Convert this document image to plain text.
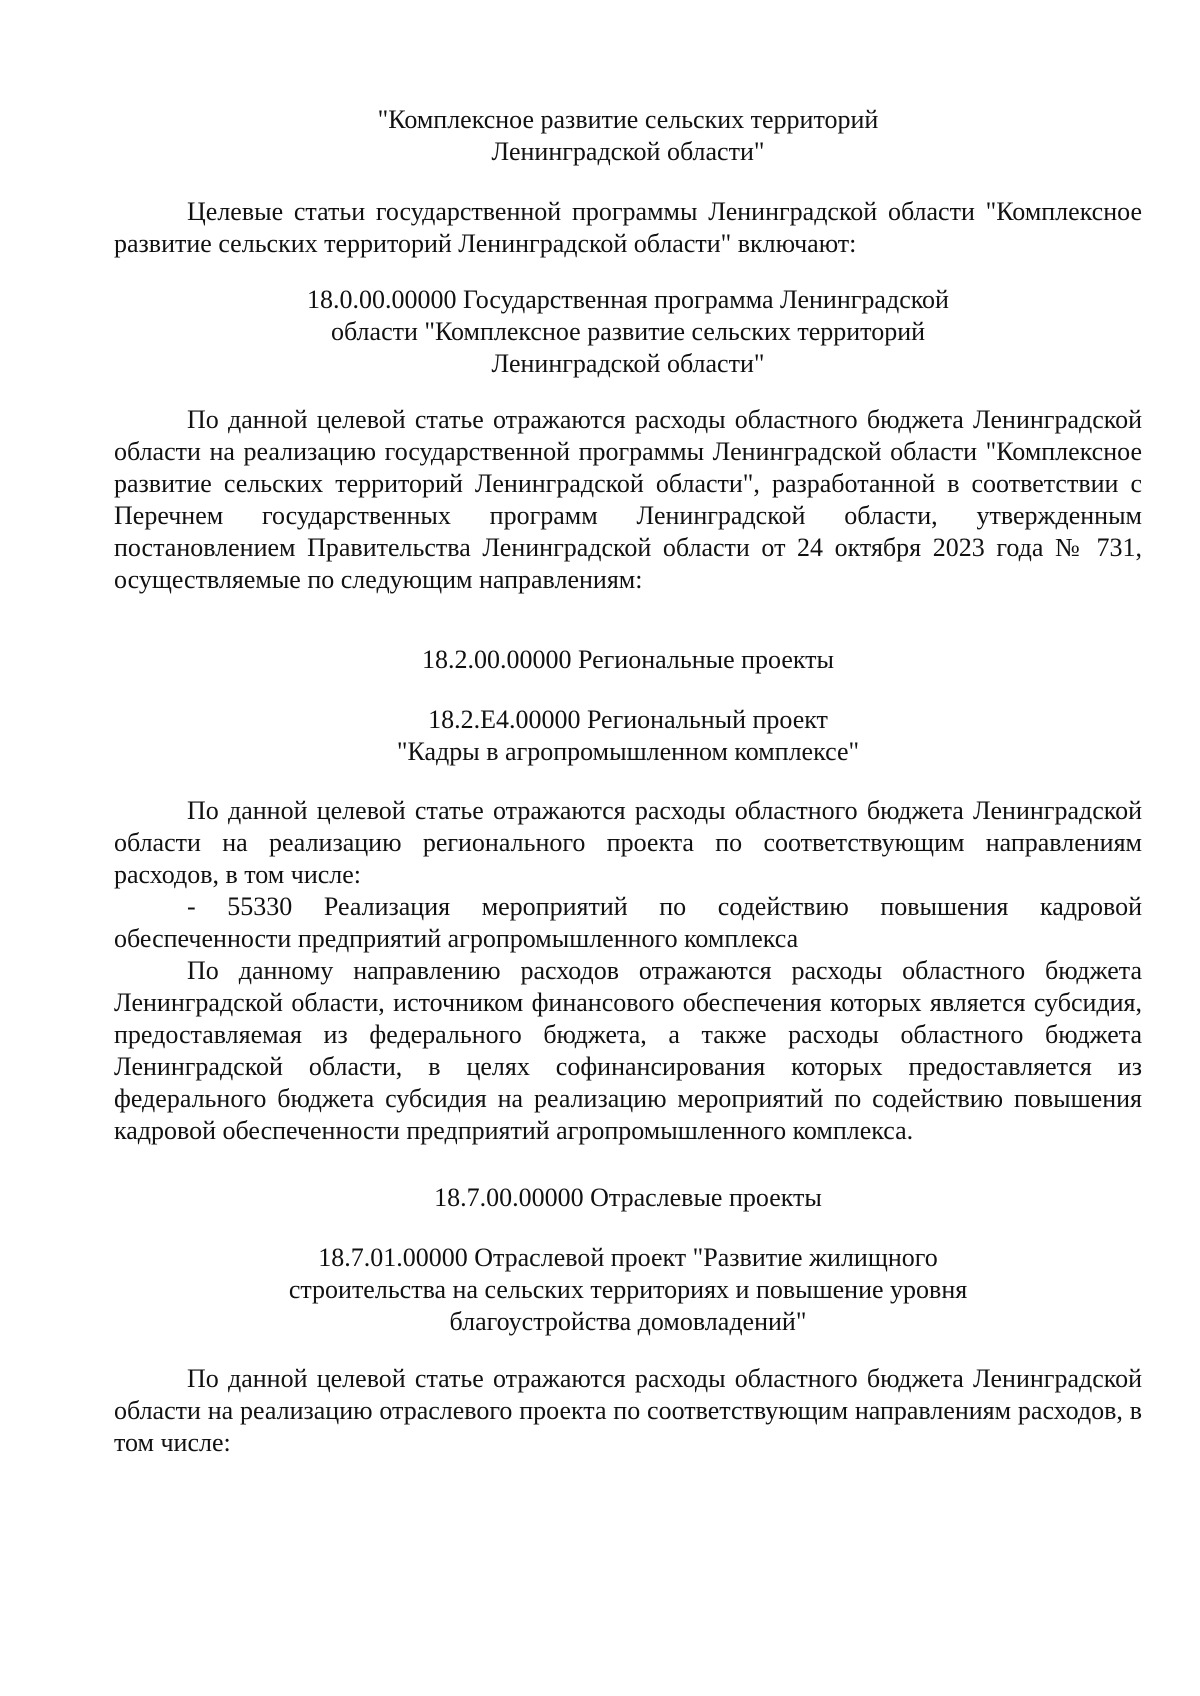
"Комплексное развитие сельских территорий
Ленинградской области"

Целевые статьи государственной программы Ленинградской области "Комплексное развитие сельских территорий Ленинградской области" включают:

18.0.00.00000 Государственная программа Ленинградской
области "Комплексное развитие сельских территорий
Ленинградской области"

По данной целевой статье отражаются расходы областного бюджета Ленинградской области на реализацию государственной программы Ленинградской области "Комплексное развитие сельских территорий Ленинградской области", разработанной в соответствии с Перечнем государственных программ Ленинградской области, утвержденным постановлением Правительства Ленинградской области от 24 октября 2023 года № 731, осуществляемые по следующим направлениям:

18.2.00.00000 Региональные проекты

18.2.Е4.00000 Региональный проект
"Кадры в агропромышленном комплексе"

По данной целевой статье отражаются расходы областного бюджета Ленинградской области на реализацию регионального проекта по соответствующим направлениям расходов, в том числе:

- 55330 Реализация мероприятий по содействию повышения кадровой обеспеченности предприятий агропромышленного комплекса

По данному направлению расходов отражаются расходы областного бюджета Ленинградской области, источником финансового обеспечения которых является субсидия, предоставляемая из федерального бюджета, а также расходы областного бюджета Ленинградской области, в целях софинансирования которых предоставляется из федерального бюджета субсидия на реализацию мероприятий по содействию повышения кадровой обеспеченности предприятий агропромышленного комплекса.

18.7.00.00000 Отраслевые проекты

18.7.01.00000 Отраслевой проект "Развитие жилищного
строительства на сельских территориях и повышение уровня
благоустройства домовладений"

По данной целевой статье отражаются расходы областного бюджета Ленинградской области на реализацию отраслевого проекта по соответствующим направлениям расходов, в том числе:
